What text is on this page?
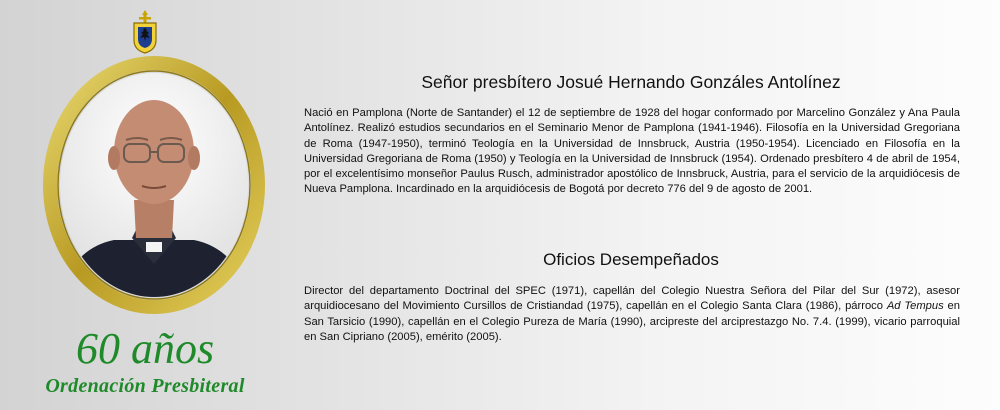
60 años
Ordenación Presbiteral
Señor presbítero Josué Hernando Gonzáles Antolínez

Nació en Pamplona (Norte de Santander) el 12 de septiembre de 1928 del hogar conformado por Marcelino González y Ana Paula Antolínez. Realizó estudios secundarios en el Seminario Menor de Pamplona (1941-1946). Filosofía en la Universidad Gregoriana de Roma (1947-1950), terminó Teología en la Universidad de Innsbruck, Austria (1950-1954). Licenciado en Filosofía en la Universidad Gregoriana de Roma (1950) y Teología en la Universidad de Innsbruck (1954). Ordenado presbítero 4 de abril de 1954, por el excelentísimo monseñor Paulus Rusch, administrador apostólico de Innsbruck, Austria, para el servicio de la arquidiócesis de Nueva Pamplona. Incardinado en la arquidiócesis de Bogotá por decreto 776 del 9 de agosto de 2001.

Oficios Desempeñados

Director del departamento Doctrinal del SPEC (1971), capellán del Colegio Nuestra Señora del Pilar del Sur (1972), asesor arquidiocesano del Movimiento Cursillos de Cristiandad (1975), capellán en el Colegio Santa Clara (1986), párroco Ad Tempus en San Tarsicio (1990), capellán en el Colegio Pureza de María (1990), arcipreste del arciprestazgo No. 7.4. (1999), vicario parroquial en San Cipriano (2005), emérito (2005).
